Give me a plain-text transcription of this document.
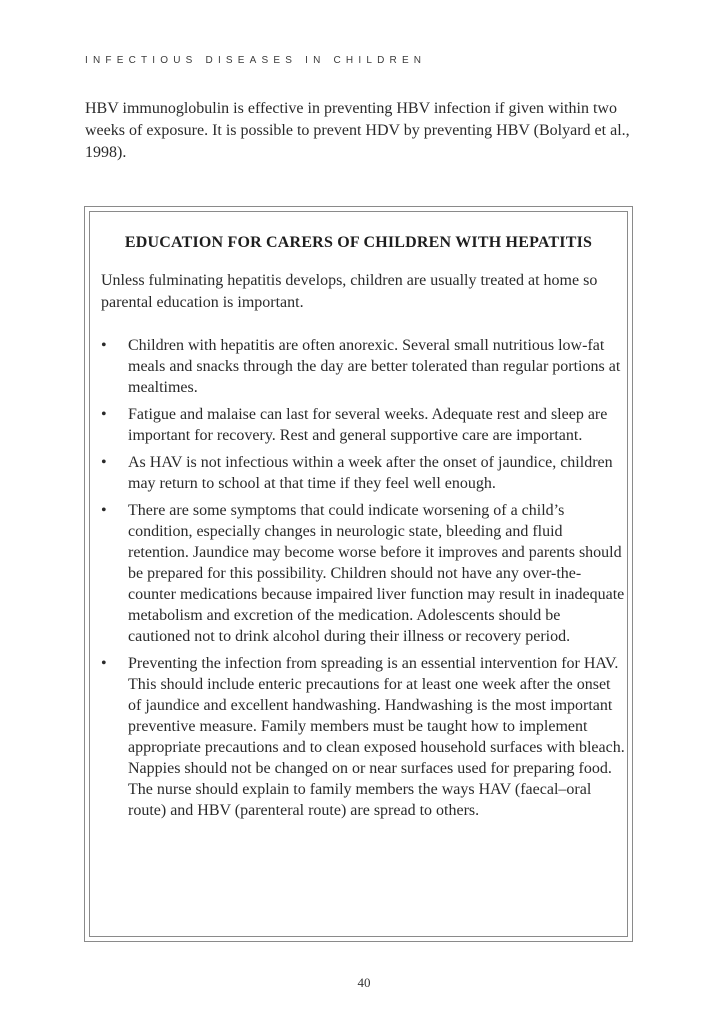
INFECTIOUS DISEASES IN CHILDREN

HBV immunoglobulin is effective in preventing HBV infection if given within two weeks of exposure. It is possible to prevent HDV by preventing HBV (Bolyard et al., 1998).

EDUCATION FOR CARERS OF CHILDREN WITH HEPATITIS

Unless fulminating hepatitis develops, children are usually treated at home so parental education is important.

• Children with hepatitis are often anorexic. Several small nutritious low-fat meals and snacks through the day are better tolerated than regular portions at mealtimes.
• Fatigue and malaise can last for several weeks. Adequate rest and sleep are important for recovery. Rest and general supportive care are important.
• As HAV is not infectious within a week after the onset of jaundice, children may return to school at that time if they feel well enough.
• There are some symptoms that could indicate worsening of a child’s condition, especially changes in neurologic state, bleeding and fluid retention. Jaundice may become worse before it improves and parents should be prepared for this possibility. Children should not have any over-the-counter medications because impaired liver function may result in inadequate metabolism and excretion of the medication. Adolescents should be cautioned not to drink alcohol during their illness or recovery period.
• Preventing the infection from spreading is an essential intervention for HAV. This should include enteric precautions for at least one week after the onset of jaundice and excellent handwashing. Handwashing is the most important preventive measure. Family members must be taught how to implement appropriate precautions and to clean exposed household surfaces with bleach. Nappies should not be changed on or near surfaces used for preparing food. The nurse should explain to family members the ways HAV (faecal–oral route) and HBV (parenteral route) are spread to others.
40
